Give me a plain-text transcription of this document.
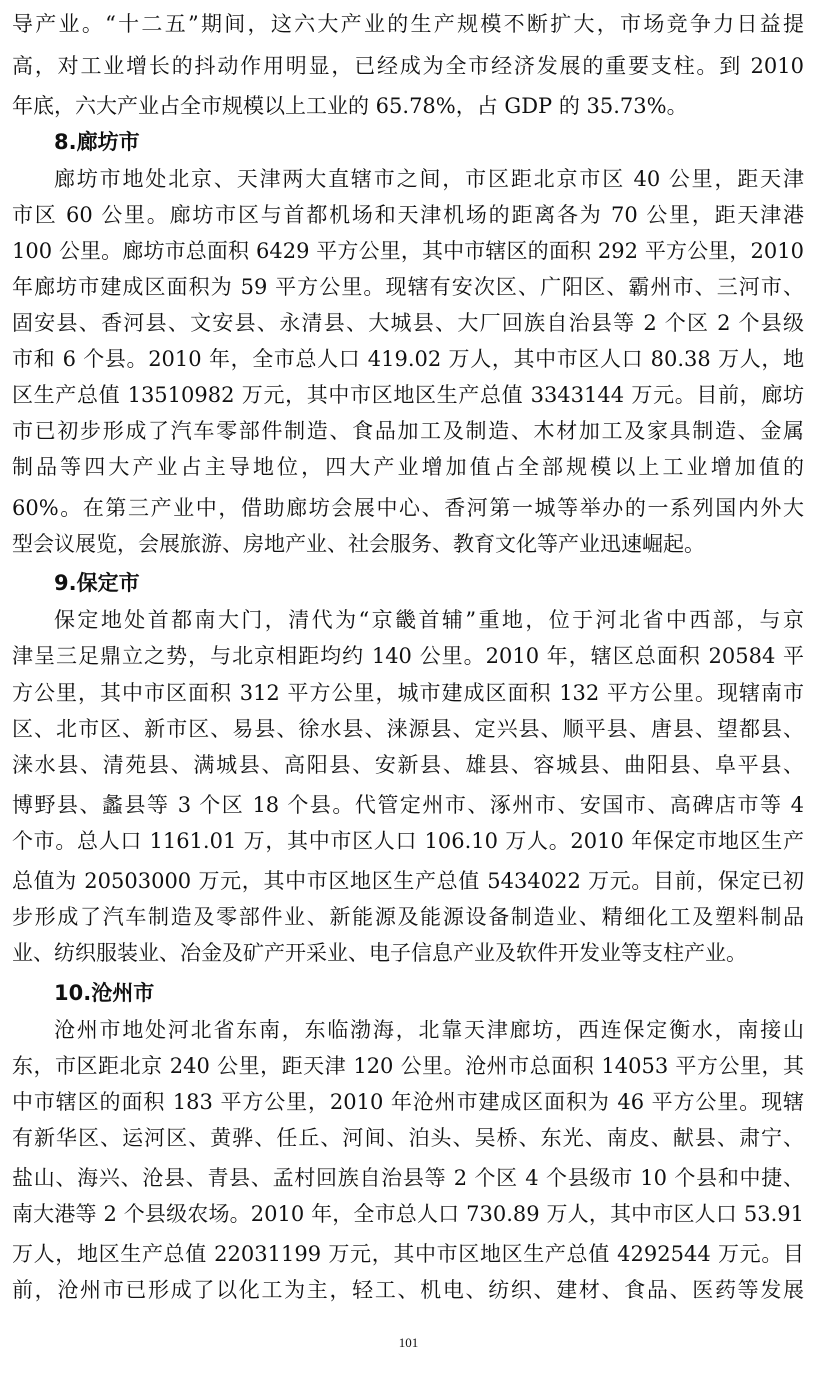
导产业。“十二五”期间，这六大产业的生产规模不断扩大，市场竞争力日益提
高，对工业增长的抖动作用明显，已经成为全市经济发展的重要支柱。到 2010
年底，六大产业占全市规模以上工业的 65.78%，占 GDP 的 35.73%。
8.廊坊市
廊坊市地处北京、天津两大直辖市之间，市区距北京市区 40 公里，距天津
市区 60 公里。廊坊市区与首都机场和天津机场的距离各为 70 公里，距天津港
100 公里。廊坊市总面积 6429 平方公里，其中市辖区的面积 292 平方公里，2010
年廊坊市建成区面积为 59 平方公里。现辖有安次区、广阳区、霸州市、三河市、
固安县、香河县、文安县、永清县、大城县、大厂回族自治县等 2 个区 2 个县级
市和 6 个县。2010 年，全市总人口 419.02 万人，其中市区人口 80.38 万人，地
区生产总值 13510982 万元，其中市区地区生产总值 3343144 万元。目前，廊坊
市已初步形成了汽车零部件制造、食品加工及制造、木材加工及家具制造、金属
制品等四大产业占主导地位，四大产业增加值占全部规模以上工业增加值的
60%。在第三产业中，借助廊坊会展中心、香河第一城等举办的一系列国内外大
型会议展览，会展旅游、房地产业、社会服务、教育文化等产业迅速崛起。
9.保定市
保定地处首都南大门，清代为“京畿首辅”重地，位于河北省中西部，与京
津呈三足鼎立之势，与北京相距均约 140 公里。2010 年，辖区总面积 20584 平
方公里，其中市区面积 312 平方公里，城市建成区面积 132 平方公里。现辖南市
区、北市区、新市区、易县、徐水县、涞源县、定兴县、顺平县、唐县、望都县、
涞水县、清苑县、满城县、高阳县、安新县、雄县、容城县、曲阳县、阜平县、
博野县、蠡县等 3 个区 18 个县。代管定州市、涿州市、安国市、高碑店市等 4
个市。总人口 1161.01 万，其中市区人口 106.10 万人。2010 年保定市地区生产
总值为 20503000 万元，其中市区地区生产总值 5434022 万元。目前，保定已初
步形成了汽车制造及零部件业、新能源及能源设备制造业、精细化工及塑料制品
业、纺织服装业、冶金及矿产开采业、电子信息产业及软件开发业等支柱产业。
10.沧州市
沧州市地处河北省东南，东临渤海，北靠天津廊坊，西连保定衡水，南接山
东，市区距北京 240 公里，距天津 120 公里。沧州市总面积 14053 平方公里，其
中市辖区的面积 183 平方公里，2010 年沧州市建成区面积为 46 平方公里。现辖
有新华区、运河区、黄骅、任丘、河间、泊头、吴桥、东光、南皮、献县、肃宁、
盐山、海兴、沧县、青县、孟村回族自治县等 2 个区 4 个县级市 10 个县和中捷、
南大港等 2 个县级农场。2010 年，全市总人口 730.89 万人，其中市区人口 53.91
万人，地区生产总值 22031199 万元，其中市区地区生产总值 4292544 万元。目
前，沧州市已形成了以化工为主，轻工、机电、纺织、建材、食品、医药等发展
101
